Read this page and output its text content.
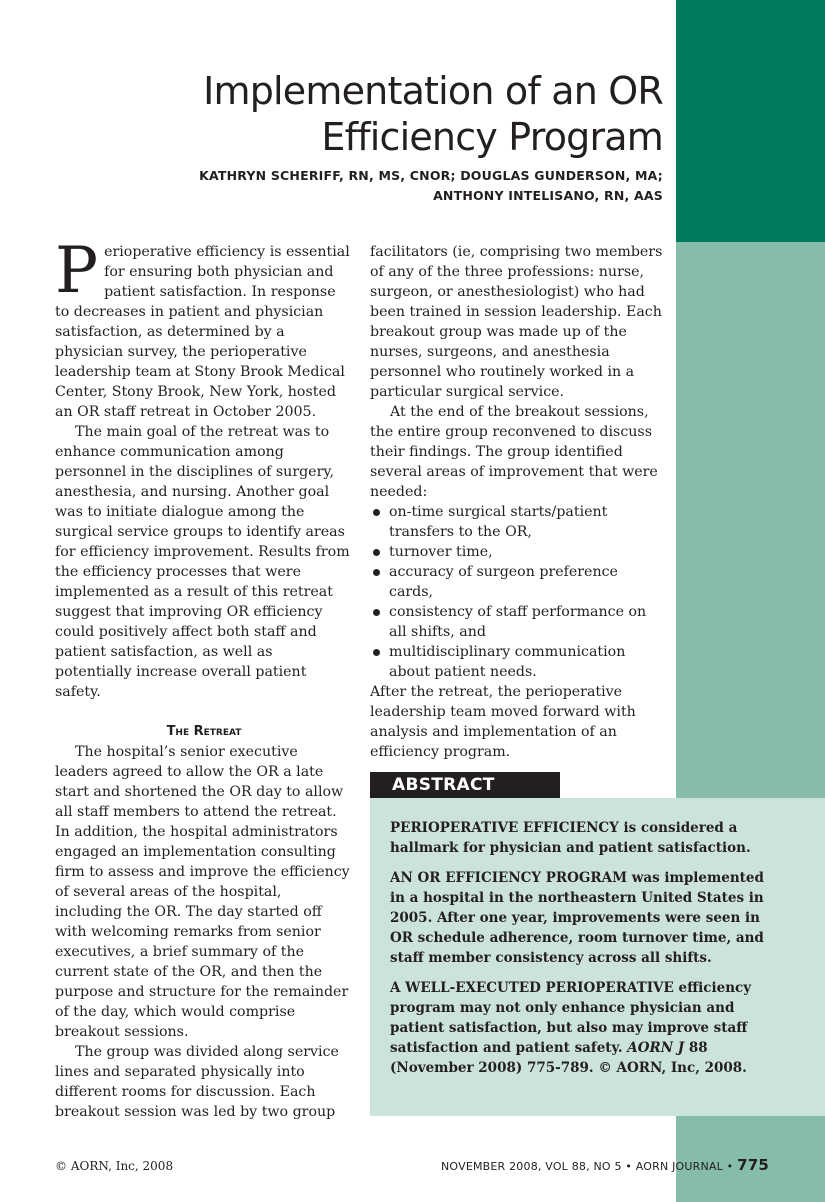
Implementation of an OR
Efficiency Program
KATHRYN SCHERIFF, RN, MS, CNOR; DOUGLAS GUNDERSON, MA;
ANTHONY INTELISANO, RN, AAS

Perioperative efficiency is essential for ensuring both physician and patient satisfaction. In response to decreases in patient and physician satisfaction, as determined by a physician survey, the perioperative leadership team at Stony Brook Medical Center, Stony Brook, New York, hosted an OR staff retreat in October 2005.

The main goal of the retreat was to enhance communication among personnel in the disciplines of surgery, anesthesia, and nursing. Another goal was to initiate dialogue among the surgical service groups to identify areas for efficiency improvement. Results from the efficiency processes that were implemented as a result of this retreat suggest that improving OR efficiency could positively affect both staff and patient satisfaction, as well as potentially increase overall patient safety.

The Retreat

The hospital’s senior executive leaders agreed to allow the OR a late start and shortened the OR day to allow all staff members to attend the retreat. In addition, the hospital administrators engaged an implementation consulting firm to assess and improve the efficiency of several areas of the hospital, including the OR. The day started off with welcoming remarks from senior executives, a brief summary of the current state of the OR, and then the purpose and structure for the remainder of the day, which would comprise breakout sessions.

The group was divided along service lines and separated physically into different rooms for discussion. Each breakout session was led by two group

facilitators (ie, comprising two members of any of the three professions: nurse, surgeon, or anesthesiologist) who had been trained in session leadership. Each breakout group was made up of the nurses, surgeons, and anesthesia personnel who routinely worked in a particular surgical service.

At the end of the breakout sessions, the entire group reconvened to discuss their findings. The group identified several areas of improvement that were needed:

on-time surgical starts/patient transfers to the OR,
turnover time,
accuracy of surgeon preference cards,
consistency of staff performance on all shifts, and
multidisciplinary communication about patient needs.

After the retreat, the perioperative leadership team moved forward with analysis and implementation of an efficiency program.

ABSTRACT

PERIOPERATIVE EFFICIENCY is considered a hallmark for physician and patient satisfaction.

AN OR EFFICIENCY PROGRAM was implemented in a hospital in the northeastern United States in 2005. After one year, improvements were seen in OR schedule adherence, room turnover time, and staff member consistency across all shifts.

A WELL-EXECUTED PERIOPERATIVE efficiency program may not only enhance physician and patient satisfaction, but also may improve staff satisfaction and patient safety. AORN J 88 (November 2008) 775-789. © AORN, Inc, 2008.

© AORN, Inc, 2008	NOVEMBER 2008, VOL 88, NO 5 • AORN JOURNAL • 775
